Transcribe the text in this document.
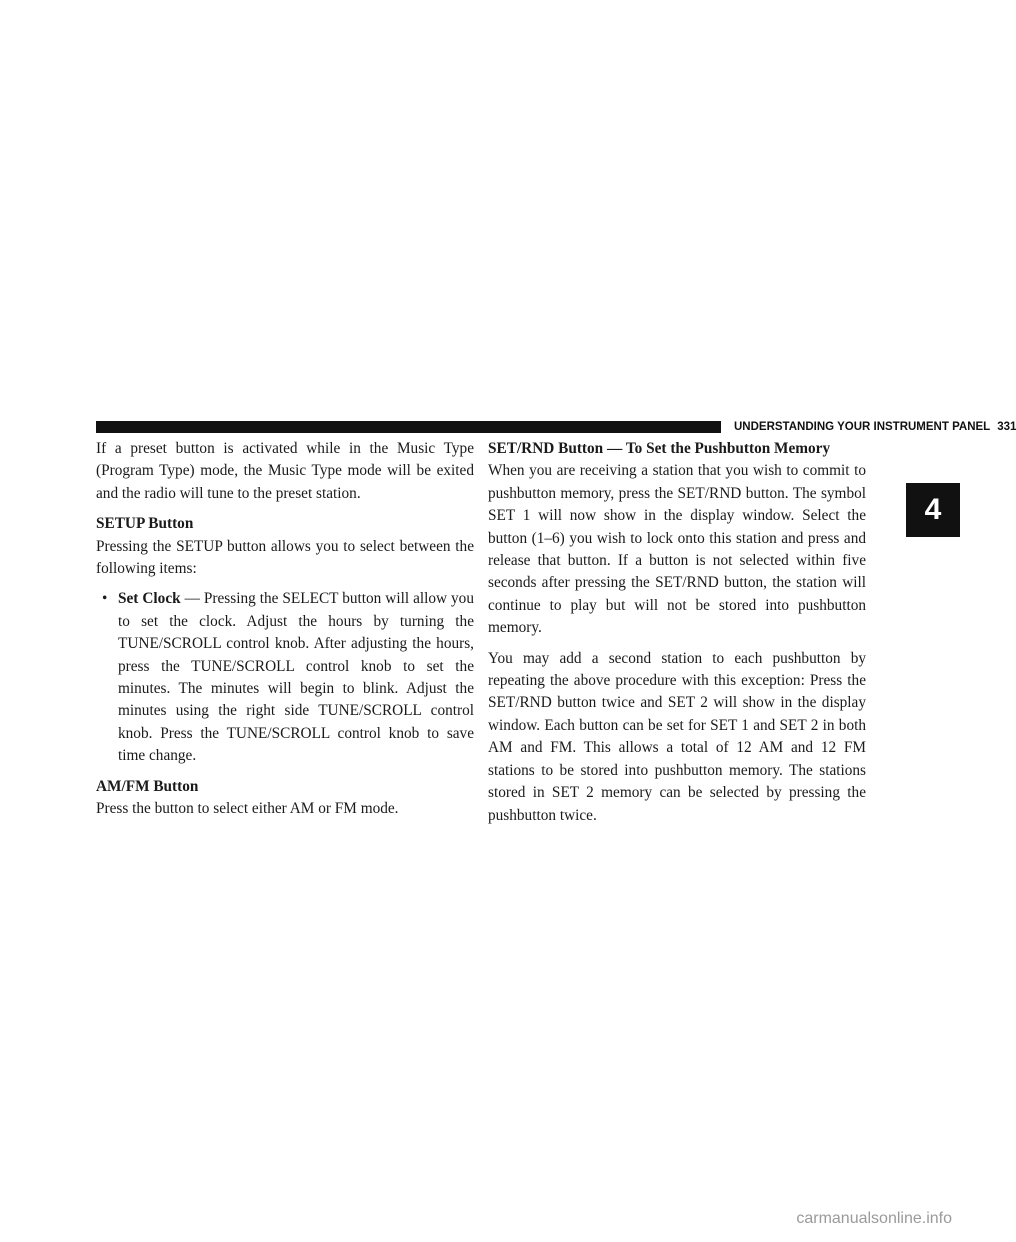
UNDERSTANDING YOUR INSTRUMENT PANEL 331
4

If a preset button is activated while in the Music Type (Program Type) mode, the Music Type mode will be exited and the radio will tune to the preset station.

SETUP Button

Pressing the SETUP button allows you to select between the following items:

• Set Clock — Pressing the SELECT button will allow you to set the clock. Adjust the hours by turning the TUNE/SCROLL control knob. After adjusting the hours, press the TUNE/SCROLL control knob to set the minutes. The minutes will begin to blink. Adjust the minutes using the right side TUNE/SCROLL control knob. Press the TUNE/SCROLL control knob to save time change.
AM/FM Button

Press the button to select either AM or FM mode.

SET/RND Button — To Set the Pushbutton Memory

When you are receiving a station that you wish to commit to pushbutton memory, press the SET/RND button. The symbol SET 1 will now show in the display window. Select the button (1–6) you wish to lock onto this station and press and release that button. If a button is not selected within five seconds after pressing the SET/RND button, the station will continue to play but will not be stored into pushbutton memory.

You may add a second station to each pushbutton by repeating the above procedure with this exception: Press the SET/RND button twice and SET 2 will show in the display window. Each button can be set for SET 1 and SET 2 in both AM and FM. This allows a total of 12 AM and 12 FM stations to be stored into pushbutton memory. The stations stored in SET 2 memory can be selected by pressing the pushbutton twice.

carmanualsonline.info
